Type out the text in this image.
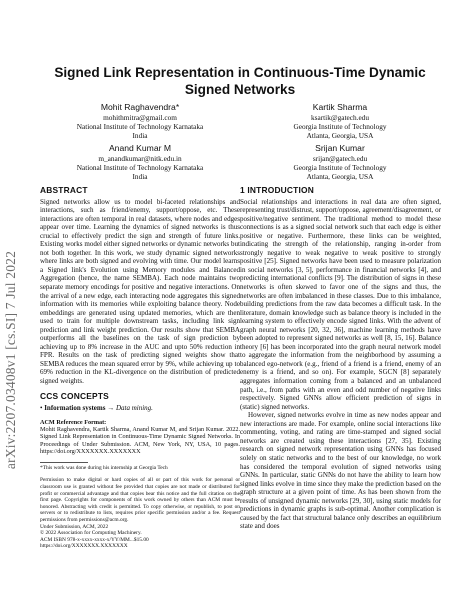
arXiv:2207.03408v1 [cs.SI] 7 Jul 2022
Signed Link Representation in Continuous-Time Dynamic
Signed Networks
Mohit Raghavendra*
mohithmitra@gmail.com
National Institute of Technology Karnataka
India
Kartik Sharma
ksartik@gatech.edu
Georgia Institute of Technology
Atlanta, Georgia, USA
Anand Kumar M
m_anandkumar@nitk.edu.in
National Institute of Technology Karnataka
India
Srijan Kumar
srijan@gatech.edu
Georgia Institute of Technology
Atlanta, Georgia, USA
ABSTRACT

Signed networks allow us to model bi-faceted relationships and interactions, such as friend/enemy, support/oppose, etc. These interactions are often temporal in real datasets, where nodes and edges appear over time. Learning the dynamics of signed networks is thus crucial to effectively predict the sign and strength of future links. Existing works model either signed networks or dynamic networks but not both together. In this work, we study dynamic signed networks where links are both signed and evolving with time. Our model learns a Signed link's Evolution using Memory modules and Balanced Aggregation (hence, the name SEMBA). Each node maintains two separate memory encodings for positive and negative interactions. On the arrival of a new edge, each interacting node aggregates this signed information with its memories while exploiting balance theory. Node embeddings are generated using updated memories, which are then used to train for multiple downstream tasks, including link sign prediction and link weight prediction. Our results show that SEMBA outperforms all the baselines on the task of sign prediction by achieving up to 8% increase in the AUC and upto 50% reduction in FPR. Results on the task of predicting signed weights show that SEMBA reduces the mean squared error by 9%, while achieving up to 69% reduction in the KL-divergence on the distribution of predicted signed weights.

CCS CONCEPTS
• Information systems → Data mining.
ACM Reference Format:
Mohit Raghavendra, Kartik Sharma, Anand Kumar M, and Srijan Kumar. 2022. Signed Link Representation in Continuous-Time Dynamic Signed Networks. In Proceedings of Under Submission. ACM, New York, NY, USA, 10 pages. https://doi.org/XXXXXXX.XXXXXXX
*This work was done during his internship at Georgia Tech

Permission to make digital or hard copies of all or part of this work for personal or classroom use is granted without fee provided that copies are not made or distributed for profit or commercial advantage and that copies bear this notice and the full citation on the first page. Copyrights for components of this work owned by others than ACM must be honored. Abstracting with credit is permitted. To copy otherwise, or republish, to post on servers or to redistribute to lists, requires prior specific permission and/or a fee. Request permissions from permissions@acm.org.

Under Submission, ACM, 2022

© 2022 Association for Computing Machinery.

ACM ISBN 978-x-xxxx-xxxx-x/YY/MM...$15.00

https://doi.org/XXXXXXX.XXXXXXX

1 INTRODUCTION

Social relationships and interactions in real data are often signed, representing trust/distrust, support/oppose, agreement/disagreement, or positive/negative sentiment. The traditional method to model these connections is as a signed social network such that each edge is either positive or negative. Furthermore, these links can be weighted, indicating the strength of the relationship, ranging in-order from strongly negative to weak negative to weak positive to strongly positive [25]. Signed networks have been used to measure polarization in social networks [3, 5], performance in financial networks [4], and predicting international conflicts [9]. The distribution of signs in these networks is often skewed to favor one of the signs and thus, the networks are often imbalanced in these classes. Due to this imbalance, building predictions from the raw data becomes a difficult task. In the literature, domain knowledge such as balance theory is included in the learning system to effectively encode signed links. With the advent of graph neural networks [20, 32, 36], machine learning methods have been adopted to represent signed networks as well [8, 15, 16]. Balance theory [6] has been incorporated into the graph neural network model to aggregate the information from the neighborhood by assuming a balanced ego-network (e.g., friend of a friend is a friend, enemy of an enemy is a friend, and so on). For example, SGCN [8] separately aggregates information coming from a balanced and an unbalanced path, i.e., from paths with an even and odd number of negative links respectively. Signed GNNs allow efficient prediction of signs in (static) signed networks.

However, signed networks evolve in time as new nodes appear and new interactions are made. For example, online social interactions like commenting, voting, and rating are time-stamped and signed social networks are created using these interactions [27, 35]. Existing research on signed network representation using GNNs has focused solely on static networks and to the best of our knowledge, no work has considered the temporal evolution of signed networks using GNNs. In particular, static GNNs do not have the ability to learn how signed links evolve in time since they make the prediction based on the graph structure at a given point of time. As has been shown from the results of unsigned dynamic networks [29, 30], using static models for predictions in dynamic graphs is sub-optimal. Another complication is caused by the fact that structural balance only describes an equilibrium state and does
